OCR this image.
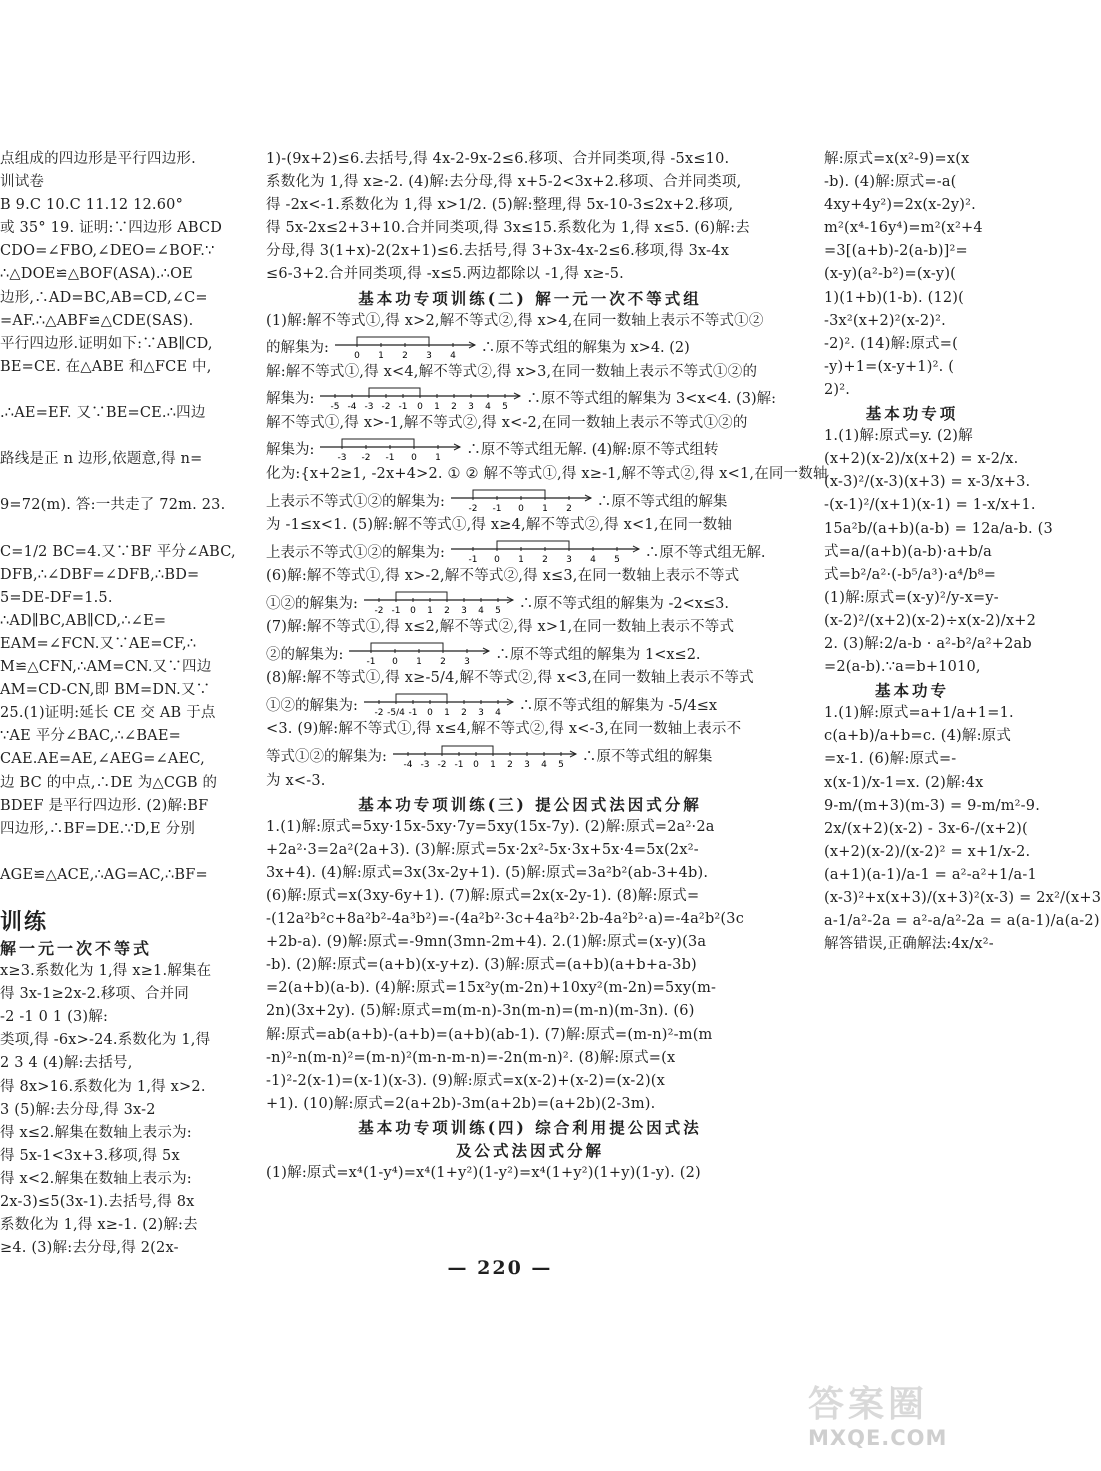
点组成的四边形是平行四边形.
训试卷
B 9.C 10.C 11.12 12.60°
或 35° 19. 证明:∵四边形 ABCD
CDO=∠FBO,∠DEO=∠BOF.∵
∴△DOE≌△BOF(ASA).∴OE
边形,∴AD=BC,AB=CD,∠C=
=AF.∴△ABF≌△CDE(SAS).
平行四边形.证明如下:∵AB∥CD,
BE=CE. 在△ABE 和△FCE 中,
.∴AE=EF. 又∵BE=CE.∴四边
路线是正 n 边形,依题意,得 n=
9=72(m). 答:一共走了 72m. 23.
C=1/2 BC=4.又∵BF 平分∠ABC,
DFB,∴∠DBF=∠DFB,∴BD=
5=DE-DF=1.5.
∴AD∥BC,AB∥CD,∴∠E=
EAM=∠FCN.又∵AE=CF,∴
M≌△CFN,∴AM=CN.又∵四边
AM=CD-CN,即 BM=DN.又∵
25.(1)证明:延长 CE 交 AB 于点
∵AE 平分∠BAC,∴∠BAE=
CAE.AE=AE,∠AEG=∠AEC,
边 BC 的中点,∴DE 为△CGB 的
BDEF 是平行四边形. (2)解:BF
四边形,∴BF=DE.∵D,E 分别
AGE≌△ACE,∴AG=AC,∴BF=
训练
解一元一次不等式
x≥3.系数化为 1,得 x≥1.解集在
得 3x-1≥2x-2.移项、合并同
-2 -1 0 1 (3)解:
类项,得 -6x>-24.系数化为 1,得
2 3 4 (4)解:去括号,
得 8x>16.系数化为 1,得 x>2.
3 (5)解:去分母,得 3x-2
得 x≤2.解集在数轴上表示为:
得 5x-1<3x+3.移项,得 5x
得 x<2.解集在数轴上表示为:
2x-3)≤5(3x-1).去括号,得 8x
系数化为 1,得 x≥-1. (2)解:去
≥4. (3)解:去分母,得 2(2x-
1)-(9x+2)≤6.去括号,得 4x-2-9x-2≤6.移项、合并同类项,得 -5x≤10.
系数化为 1,得 x≥-2. (4)解:去分母,得 x+5-2<3x+2.移项、合并同类项,
得 -2x<-1.系数化为 1,得 x>1/2. (5)解:整理,得 5x-10-3≤2x+2.移项,
得 5x-2x≤2+3+10.合并同类项,得 3x≤15.系数化为 1,得 x≤5. (6)解:去
分母,得 3(1+x)-2(2x+1)≤6.去括号,得 3+3x-4x-2≤6.移项,得 3x-4x
≤6-3+2.合并同类项,得 -x≤5.两边都除以 -1,得 x≥-5.
基本功专项训练(二) 解一元一次不等式组
(1)解:解不等式①,得 x>2,解不等式②,得 x>4,在同一数轴上表示不等式①②
的解集为:	0 1 2 3 4 ∴原不等式组的解集为 x>4. (2)
解:解不等式①,得 x<4,解不等式②,得 x>3,在同一数轴上表示不等式①②的
解集为: -5 -4 -3 -2 -1 0 1 2 3 4 5 ∴原不等式组的解集为 3<x<4. (3)解:
解不等式①,得 x>-1,解不等式②,得 x<-2,在同一数轴上表示不等式①②的
解集为:	-3 -2 -1 0 1 ∴原不等式组无解. (4)解:原不等式组转
化为:{x+2≥1, -2x+4>2. ① ② 解不等式①,得 x≥-1,解不等式②,得 x<1,在同一数轴
上表示不等式①②的解集为:	-2 -1 0 1 2 ∴原不等式组的解集
为 -1≤x<1. (5)解:解不等式①,得 x≥4,解不等式②,得 x<1,在同一数轴
上表示不等式①②的解集为:	-1 0 1 2 3 4 5 ∴原不等式组无解.
(6)解:解不等式①,得 x>-2,解不等式②,得 x≤3,在同一数轴上表示不等式
①②的解集为: -2 -1 0 1 2 3 4 5 ∴原不等式组的解集为 -2<x≤3.
(7)解:解不等式①,得 x≤2,解不等式②,得 x>1,在同一数轴上表示不等式
②的解集为:	-1 0 1 2 3 ∴原不等式组的解集为 1<x≤2.
(8)解:解不等式①,得 x≥-5/4,解不等式②,得 x<3,在同一数轴上表示不等式
①②的解集为: -2 -5/4 -1 0 1 2 3 4 ∴原不等式组的解集为 -5/4≤x
<3. (9)解:解不等式①,得 x≤4,解不等式②,得 x<-3,在同一数轴上表示不
等式①②的解集为: -4 -3 -2 -1 0 1 2 3 4 5 ∴原不等式组的解集
为 x<-3.
基本功专项训练(三) 提公因式法因式分解
1.(1)解:原式=5xy·15x-5xy·7y=5xy(15x-7y). (2)解:原式=2a²·2a
+2a²·3=2a²(2a+3). (3)解:原式=5x·2x²-5x·3x+5x·4=5x(2x²-
3x+4). (4)解:原式=3x(3x-2y+1). (5)解:原式=3a²b²(ab-3+4b).
(6)解:原式=x(3xy-6y+1). (7)解:原式=2x(x-2y-1). (8)解:原式=
-(12a²b²c+8a²b²-4a³b²)=-(4a²b²·3c+4a²b²·2b-4a²b²·a)=-4a²b²(3c
+2b-a). (9)解:原式=-9mn(3mn-2m+4). 2.(1)解:原式=(x-y)(3a
-b). (2)解:原式=(a+b)(x-y+z). (3)解:原式=(a+b)(a+b+a-3b)
=2(a+b)(a-b). (4)解:原式=15x²y(m-2n)+10xy²(m-2n)=5xy(m-
2n)(3x+2y). (5)解:原式=m(m-n)-3n(m-n)=(m-n)(m-3n). (6)
解:原式=ab(a+b)-(a+b)=(a+b)(ab-1). (7)解:原式=(m-n)²-m(m
-n)²-n(m-n)²=(m-n)²(m-n-m-n)=-2n(m-n)². (8)解:原式=(x
-1)²-2(x-1)=(x-1)(x-3). (9)解:原式=x(x-2)+(x-2)=(x-2)(x
+1). (10)解:原式=2(a+2b)-3m(a+2b)=(a+2b)(2-3m).
基本功专项训练(四) 综合利用提公因式法
及公式法因式分解
(1)解:原式=x⁴(1-y⁴)=x⁴(1+y²)(1-y²)=x⁴(1+y²)(1+y)(1-y). (2)
解:原式=x(x²-9)=x(x
-b). (4)解:原式=-a(
4xy+4y²)=2x(x-2y)².
m²(x⁴-16y⁴)=m²(x²+4
=3[(a+b)-2(a-b)]²=
(x-y)(a²-b²)=(x-y)(
1)(1+b)(1-b). (12)(
-3x²(x+2)²(x-2)².
-2)². (14)解:原式=(
-y)+1=(x-y+1)². (
2)².
基本功专项
1.(1)解:原式=y. (2)解
(x+2)(x-2)/x(x+2) = x-2/x.
(x-3)²/(x-3)(x+3) = x-3/x+3.
-(x-1)²/(x+1)(x-1) = 1-x/x+1.
15a²b/(a+b)(a-b) = 12a/a-b. (3
式=a/(a+b)(a-b)·a+b/a
式=b²/a²·(-b⁵/a³)·a⁴/b⁸=
(1)解:原式=(x-y)²/y-x=y-
(x-2)²/(x+2)(x-2)÷x(x-2)/x+2
2. (3)解:2/a-b · a²-b²/a²+2ab
=2(a-b).∵a=b+1010,
基本功专
1.(1)解:原式=a+1/a+1=1.
c(a+b)/a+b=c. (4)解:原式
=x-1. (6)解:原式=-
x(x-1)/x-1=x. (2)解:4x
9-m/(m+3)(m-3) = 9-m/m²-9.
2x/(x+2)(x-2) - 3x-6-/(x+2)(
(x+2)(x-2)/(x-2)² = x+1/x-2.
(a+1)(a-1)/a-1 = a²-a²+1/a-1
(x-3)²+x(x+3)/(x+3)²(x-3) = 2x²/(x+3
a-1/a²-2a = a²-a/a²-2a = a(a-1)/a(a-2)
解答错误,正确解法:4x/x²-
— 220 —
答案圈
MXQE.COM
